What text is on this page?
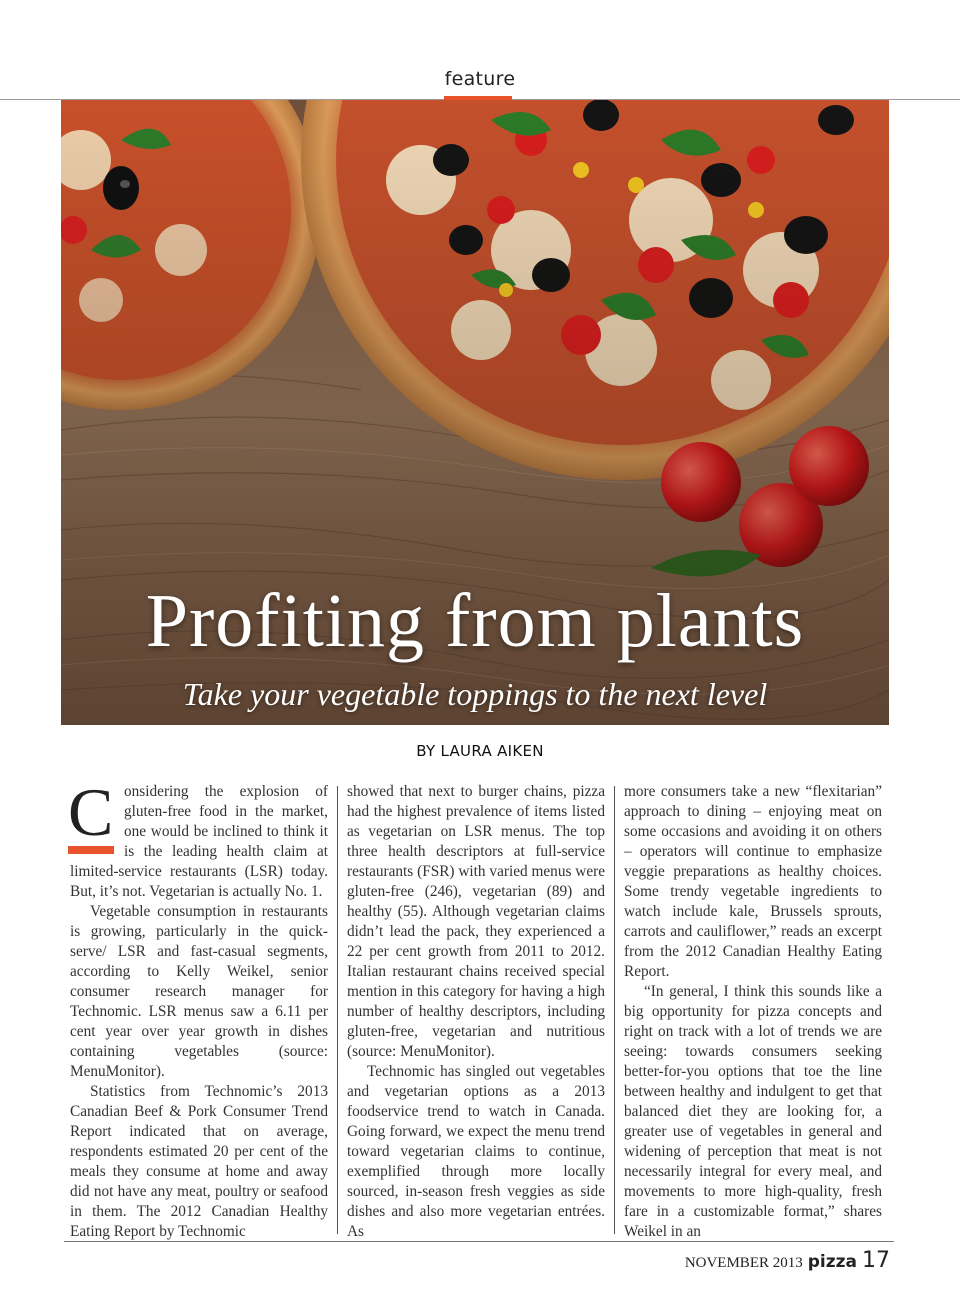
feature
Profiting from plants
Take your vegetable toppings to the next level
BY LAURA AIKEN

Considering the explosion of gluten-free food in the market, one would be inclined to think it is the leading health claim at limited-service restaurants (LSR) today. But, it’s not. Vegetarian is actually No. 1.

Vegetable consumption in restaurants is growing, particularly in the quick-serve/ LSR and fast-casual segments, according to Kelly Weikel, senior consumer research manager for Technomic. LSR menus saw a 6.11 per cent year over year growth in dishes containing vegetables (source: MenuMonitor).

Statistics from Technomic’s 2013 Canadian Beef & Pork Consumer Trend Report indicated that on average, respondents estimated 20 per cent of the meals they consume at home and away did not have any meat, poultry or seafood in them. The 2012 Canadian Healthy Eating Report by Technomic

showed that next to burger chains, pizza had the highest prevalence of items listed as vegetarian on LSR menus. The top three health descriptors at full-service restaurants (FSR) with varied menus were gluten-free (246), vegetarian (89) and healthy (55). Although vegetarian claims didn’t lead the pack, they experienced a 22 per cent growth from 2011 to 2012. Italian restaurant chains received special mention in this category for having a high number of healthy descriptors, including gluten-free, vegetarian and nutritious (source: MenuMonitor).

Technomic has singled out vegetables and vegetarian options as a 2013 foodservice trend to watch in Canada. Going forward, we expect the menu trend toward vegetarian claims to continue, exemplified through more locally sourced, in-season fresh veggies as side dishes and also more vegetarian entrées. As

more consumers take a new “flexitarian” approach to dining – enjoying meat on some occasions and avoiding it on others – operators will continue to emphasize veggie preparations as healthy choices. Some trendy vegetable ingredients to watch include kale, Brussels sprouts, carrots and cauliflower,” reads an excerpt from the 2012 Canadian Healthy Eating Report.

“In general, I think this sounds like a big opportunity for pizza concepts and right on track with a lot of trends we are seeing: towards consumers seeking better-for-you options that toe the line between healthy and indulgent to get that balanced diet they are looking for, a greater use of vegetables in general and widening of perception that meat is not necessarily integral for every meal, and movements to more high-quality, fresh fare in a customizable format,” shares Weikel in an

NOVEMBER 2013 pizza 17
